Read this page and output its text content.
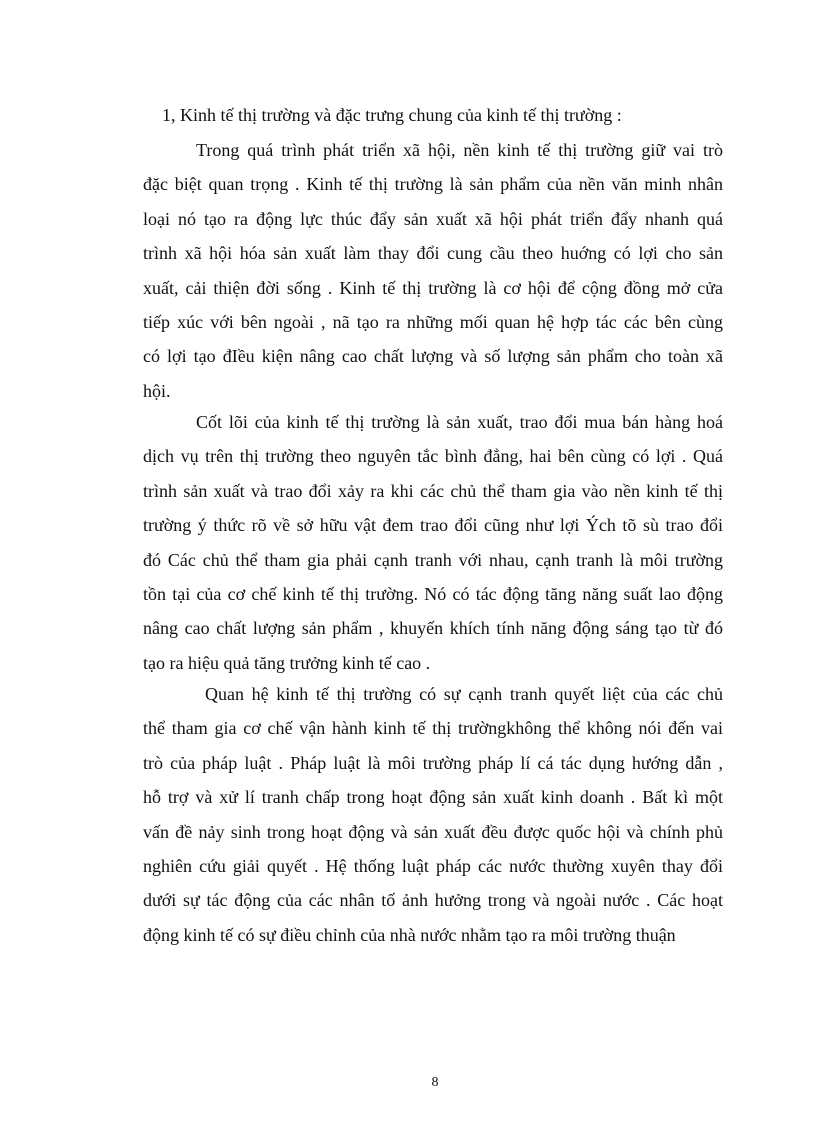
1, Kinh tế thị trường và đặc trưng chung của kinh tế thị trường :
Trong quá trình phát triển xã hội, nền kinh tế thị trường giữ vai trò
đặc biệt quan trọng . Kinh tế thị trường là sản phẩm của nền văn minh nhân
loại nó tạo ra động lực thúc đẩy sản xuất xã hội phát triển đẩy nhanh quá
trình xã hội hóa sản xuất làm thay đổi cung cầu theo huớng có lợi cho sản
xuất, cải thiện đời sống . Kinh tế thị trường là cơ hội để cộng đồng mở cửa
tiếp xúc với bên ngoài , nã tạo ra những mối quan hệ hợp tác các bên cùng
có lợi tạo đIều kiện nâng cao chất lượng và số lượng sản phẩm cho toàn xã
hội.
Cốt lõi của kinh tế thị trường là sản xuất, trao đổi mua bán hàng hoá
dịch vụ trên thị trường theo nguyên tắc bình đẳng, hai bên cùng có lợi . Quá
trình sản xuất và trao đổi xảy ra khi các chủ thể tham gia vào nền kinh tế thị
trường ý thức rõ về sở hữu vật đem trao đổi cũng như lợi Ých tõ sù trao đổi
đó Các chủ thể tham gia phải cạnh tranh với nhau, cạnh tranh là môi trường
tồn tại của cơ chế kinh tế thị trường. Nó có tác động tăng năng suất lao động
nâng cao chất lượng sản phẩm , khuyến khích tính năng động sáng tạo từ đó
tạo ra hiệu quả tăng trưởng kinh tế cao .
Quan hệ kinh tế thị trường có sự cạnh tranh quyết liệt của các chủ
thể tham gia cơ chế vận hành kinh tế thị trườngkhông thể không nói đến vai
trò của pháp luật . Pháp luật là môi trường pháp lí cá tác dụng hướng dẫn ,
hỗ trợ và xử lí tranh chấp trong hoạt động sản xuất kinh doanh . Bất kì một
vấn đề nảy sinh trong hoạt động và sản xuất đều được quốc hội và chính phủ
nghiên cứu giải quyết . Hệ thống luật pháp các nước thường xuyên thay đổi
dưới sự tác động của các nhân tố ảnh hưởng trong và ngoài nước . Các hoạt
động kinh tế có sự điều chỉnh của nhà nước nhằm tạo ra môi trường thuận
8
